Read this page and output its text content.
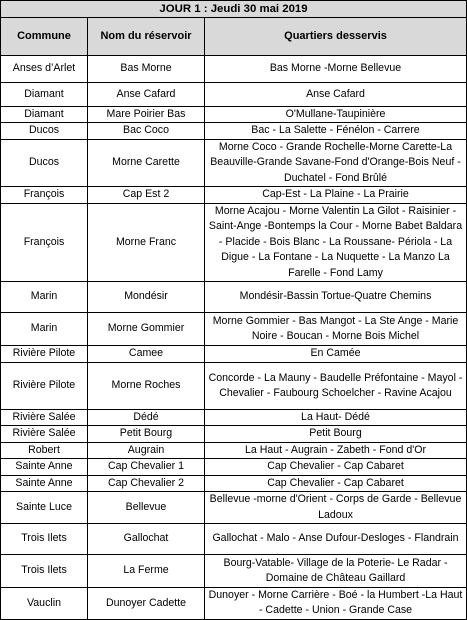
JOUR 1 : Jeudi 30 mai 2019		
Commune	Nom du réservoir	Quartiers desservis
Anses d’Arlet	Bas Morne	Bas Morne -Morne Bellevue
Diamant	Anse Cafard	Anse Cafard
Diamant	Mare Poirier Bas	O'Mullane-Taupinière
Ducos	Bac Coco	Bac - La Salette - Fénélon - Carrere
Ducos	Morne Carette	Morne Coco - Grande Rochelle-Morne Carette-La Beauville-Grande Savane-Fond d'Orange-Bois Neuf -Duchatel - Fond Brûlé
François	Cap Est 2	Cap-Est - La Plaine - La Prairie
François	Morne Franc	Morne Acajou - Morne Valentin La Gilot - Raisinier - Saint-Ange -Bontemps la Cour - Morne Babet Baldara - Placide - Bois Blanc - La Roussane- Périola - La Digue - La Fontane - La Nuquette - La Manzo La Farelle - Fond Lamy
Marin	Mondésir	Mondésir-Bassin Tortue-Quatre Chemins
Marin	Morne Gommier	Morne Gommier - Bas Mangot - La Ste Ange - Marie Noire - Boucan - Morne Bois Michel
Rivière Pilote	Camee	En Camée
Rivière Pilote	Morne Roches	Concorde - La Mauny - Baudelle Préfontaine - Mayol - Chevalier - Faubourg Schoelcher - Ravine Acajou
Rivière Salée	Dédé	La Haut- Dédé
Rivière Salée	Petit Bourg	Petit Bourg
Robert	Augrain	La Haut - Augrain - Zabeth - Fond d'Or
Sainte Anne	Cap Chevalier 1	Cap Chevalier - Cap Cabaret
Sainte Anne	Cap Chevalier 2	Cap Chevalier - Cap Cabaret
Sainte Luce	Bellevue	Bellevue -morne d'Orient - Corps de Garde - Bellevue Ladoux
Trois Ilets	Gallochat	Gallochat - Malo - Anse Dufour-Desloges - Flandrain
Trois Ilets	La Ferme	Bourg-Vatable- Village de la Poterie- Le Radar - Domaine de Château Gaillard
Vauclin	Dunoyer Cadette	Dunoyer - Morne Carrière - Boé - la Humbert -La Haut - Cadette - Union - Grande Case
